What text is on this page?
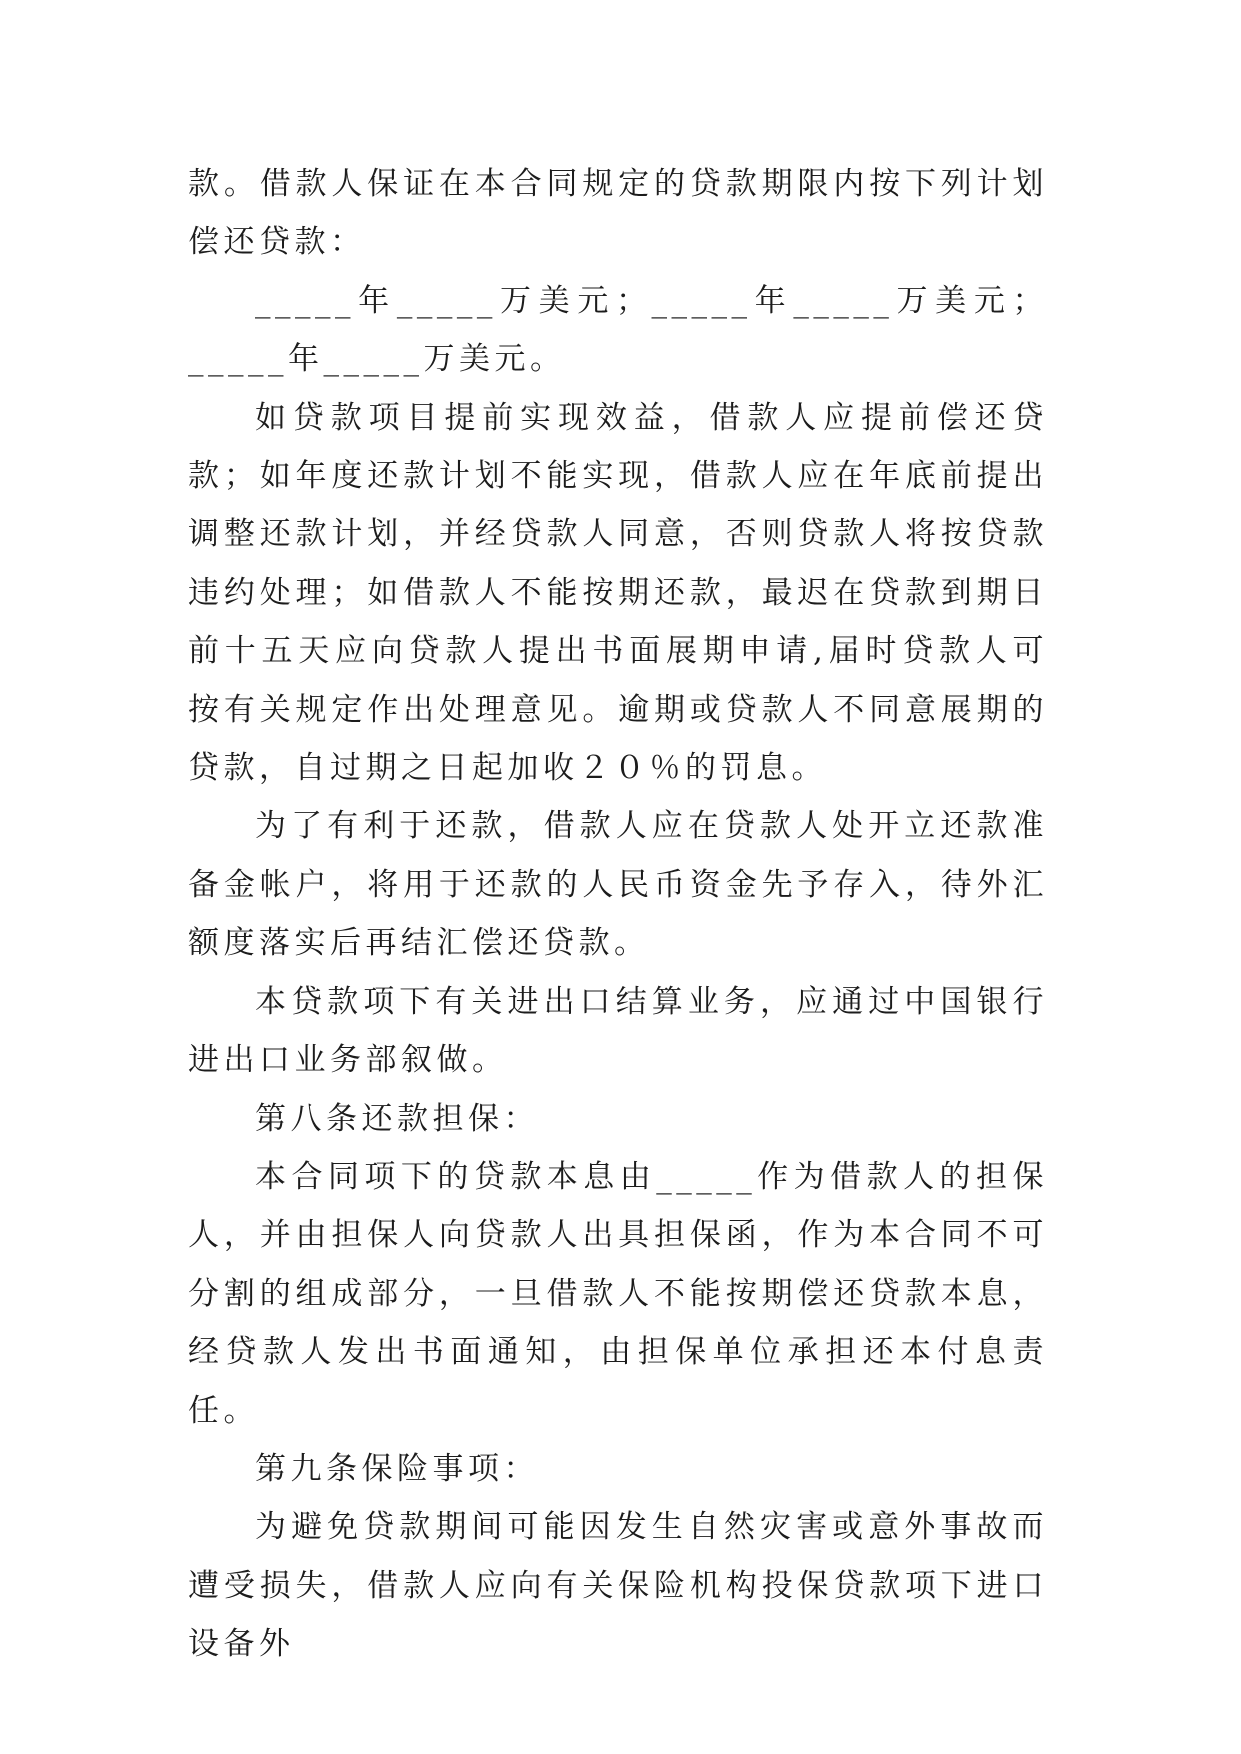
款。借款人保证在本合同规定的贷款期限内按下列计划偿还贷款：

_____年_____万美元；_____年_____万美元；_____年_____万美元。

如贷款项目提前实现效益，借款人应提前偿还贷款；如年度还款计划不能实现，借款人应在年底前提出调整还款计划，并经贷款人同意，否则贷款人将按贷款违约处理；如借款人不能按期还款，最迟在贷款到期日前十五天应向贷款人提出书面展期申请,届时贷款人可按有关规定作出处理意见。逾期或贷款人不同意展期的贷款，自过期之日起加收２０％的罚息。

为了有利于还款，借款人应在贷款人处开立还款准备金帐户，将用于还款的人民币资金先予存入，待外汇额度落实后再结汇偿还贷款。

本贷款项下有关进出口结算业务，应通过中国银行进出口业务部叙做。

第八条还款担保：

本合同项下的贷款本息由_____作为借款人的担保人，并由担保人向贷款人出具担保函，作为本合同不可分割的组成部分，一旦借款人不能按期偿还贷款本息，经贷款人发出书面通知，由担保单位承担还本付息责任。

第九条保险事项：

为避免贷款期间可能因发生自然灾害或意外事故而遭受损失，借款人应向有关保险机构投保贷款项下进口设备外
